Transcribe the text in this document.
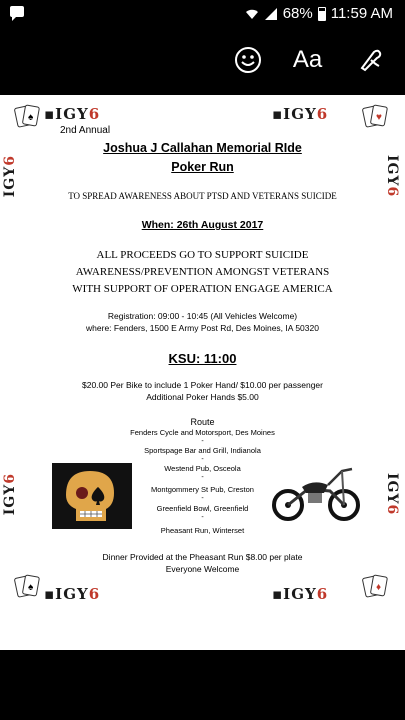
68% 11:59 AM
Aa
♠ ▪IGY6	▪IGY6	♥
IGY6	IGY6
IGY6	IGY6
2nd Annual
Joshua J Callahan Memorial RIde
Poker Run
TO SPREAD AWARENESS ABOUT PTSD AND VETERANS SUICIDE
When: 26th August 2017
ALL PROCEEDS GO TO SUPPORT SUICIDE
AWARENESS/PREVENTION AMONGST VETERANS
WITH SUPPORT OF OPERATION ENGAGE AMERICA
Registration: 09:00 - 10:45 (All Vehicles Welcome)
where: Fenders, 1500 E Army Post Rd, Des Moines, IA 50320
KSU: 11:00
$20.00 Per Bike to include 1 Poker Hand/ $10.00 per passenger
Additional Poker Hands $5.00
Route
Fenders Cycle and Motorsport, Des Moines
-
Sportspage Bar and Grill, Indianola
-
Westend Pub, Osceola
-
Montgommery St Pub, Creston
-
Greenfield Bowl, Greenfield
-
Pheasant Run, Winterset
Dinner Provided at the Pheasant Run $8.00 per plate
Everyone Welcome
♠ ▪IGY6	▪IGY6	♦
